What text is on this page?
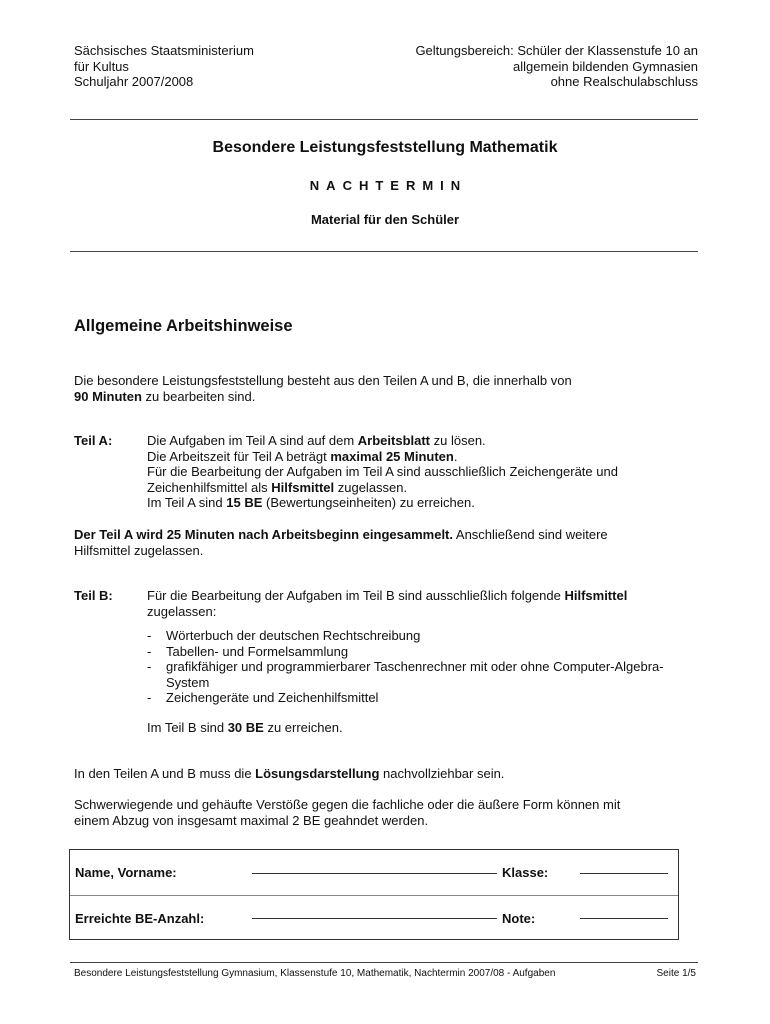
Sächsisches Staatsministerium
für Kultus
Schuljahr 2007/2008
Geltungsbereich: Schüler der Klassenstufe 10 an
allgemein bildenden Gymnasien
ohne Realschulabschluss
Besondere Leistungsfeststellung Mathematik
NACHTERMIN
Material für den Schüler
Allgemeine Arbeitshinweise
Die besondere Leistungsfeststellung besteht aus den Teilen A und B, die innerhalb von
90 Minuten zu bearbeiten sind.
Teil A:	Die Aufgaben im Teil A sind auf dem Arbeitsblatt zu lösen.
Die Arbeitszeit für Teil A beträgt maximal 25 Minuten.
Für die Bearbeitung der Aufgaben im Teil A sind ausschließlich Zeichengeräte und
Zeichenhilfsmittel als Hilfsmittel zugelassen.
Im Teil A sind 15 BE (Bewertungseinheiten) zu erreichen.
Der Teil A wird 25 Minuten nach Arbeitsbeginn eingesammelt. Anschließend sind weitere
Hilfsmittel zugelassen.
Teil B:	Für die Bearbeitung der Aufgaben im Teil B sind ausschließlich folgende Hilfsmittel
zugelassen:
- Wörterbuch der deutschen Rechtschreibung
- Tabellen- und Formelsammlung
- grafikfähiger und programmierbarer Taschenrechner mit oder ohne Computer-Algebra-System
- Zeichengeräte und Zeichenhilfsmittel
Im Teil B sind 30 BE zu erreichen.
In den Teilen A und B muss die Lösungsdarstellung nachvollziehbar sein.
Schwerwiegende und gehäufte Verstöße gegen die fachliche oder die äußere Form können mit
einem Abzug von insgesamt maximal 2 BE geahndet werden.
Name, Vorname:	Klasse:
Erreichte BE-Anzahl:	Note:
Besondere Leistungsfeststellung Gymnasium, Klassenstufe 10, Mathematik, Nachtermin 2007/08 - Aufgaben	Seite 1/5
